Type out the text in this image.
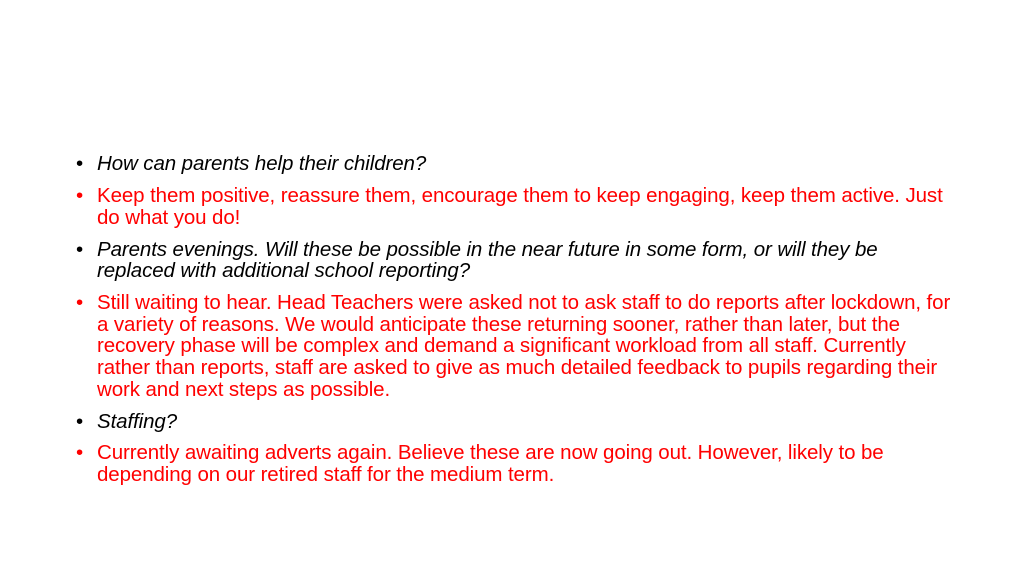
• How can parents help their children?
• Keep them positive, reassure them, encourage them to keep engaging, keep them active. Just do what you do!
• Parents evenings. Will these be possible in the near future in some form, or will they be replaced with additional school reporting?
• Still waiting to hear. Head Teachers were asked not to ask staff to do reports after lockdown, for a variety of reasons. We would anticipate these returning sooner, rather than later, but the recovery phase will be complex and demand a significant workload from all staff. Currently rather than reports, staff are asked to give as much detailed feedback to pupils regarding their work and next steps as possible.
• Staffing?
• Currently awaiting adverts again. Believe these are now going out. However, likely to be depending on our retired staff for the medium term.
